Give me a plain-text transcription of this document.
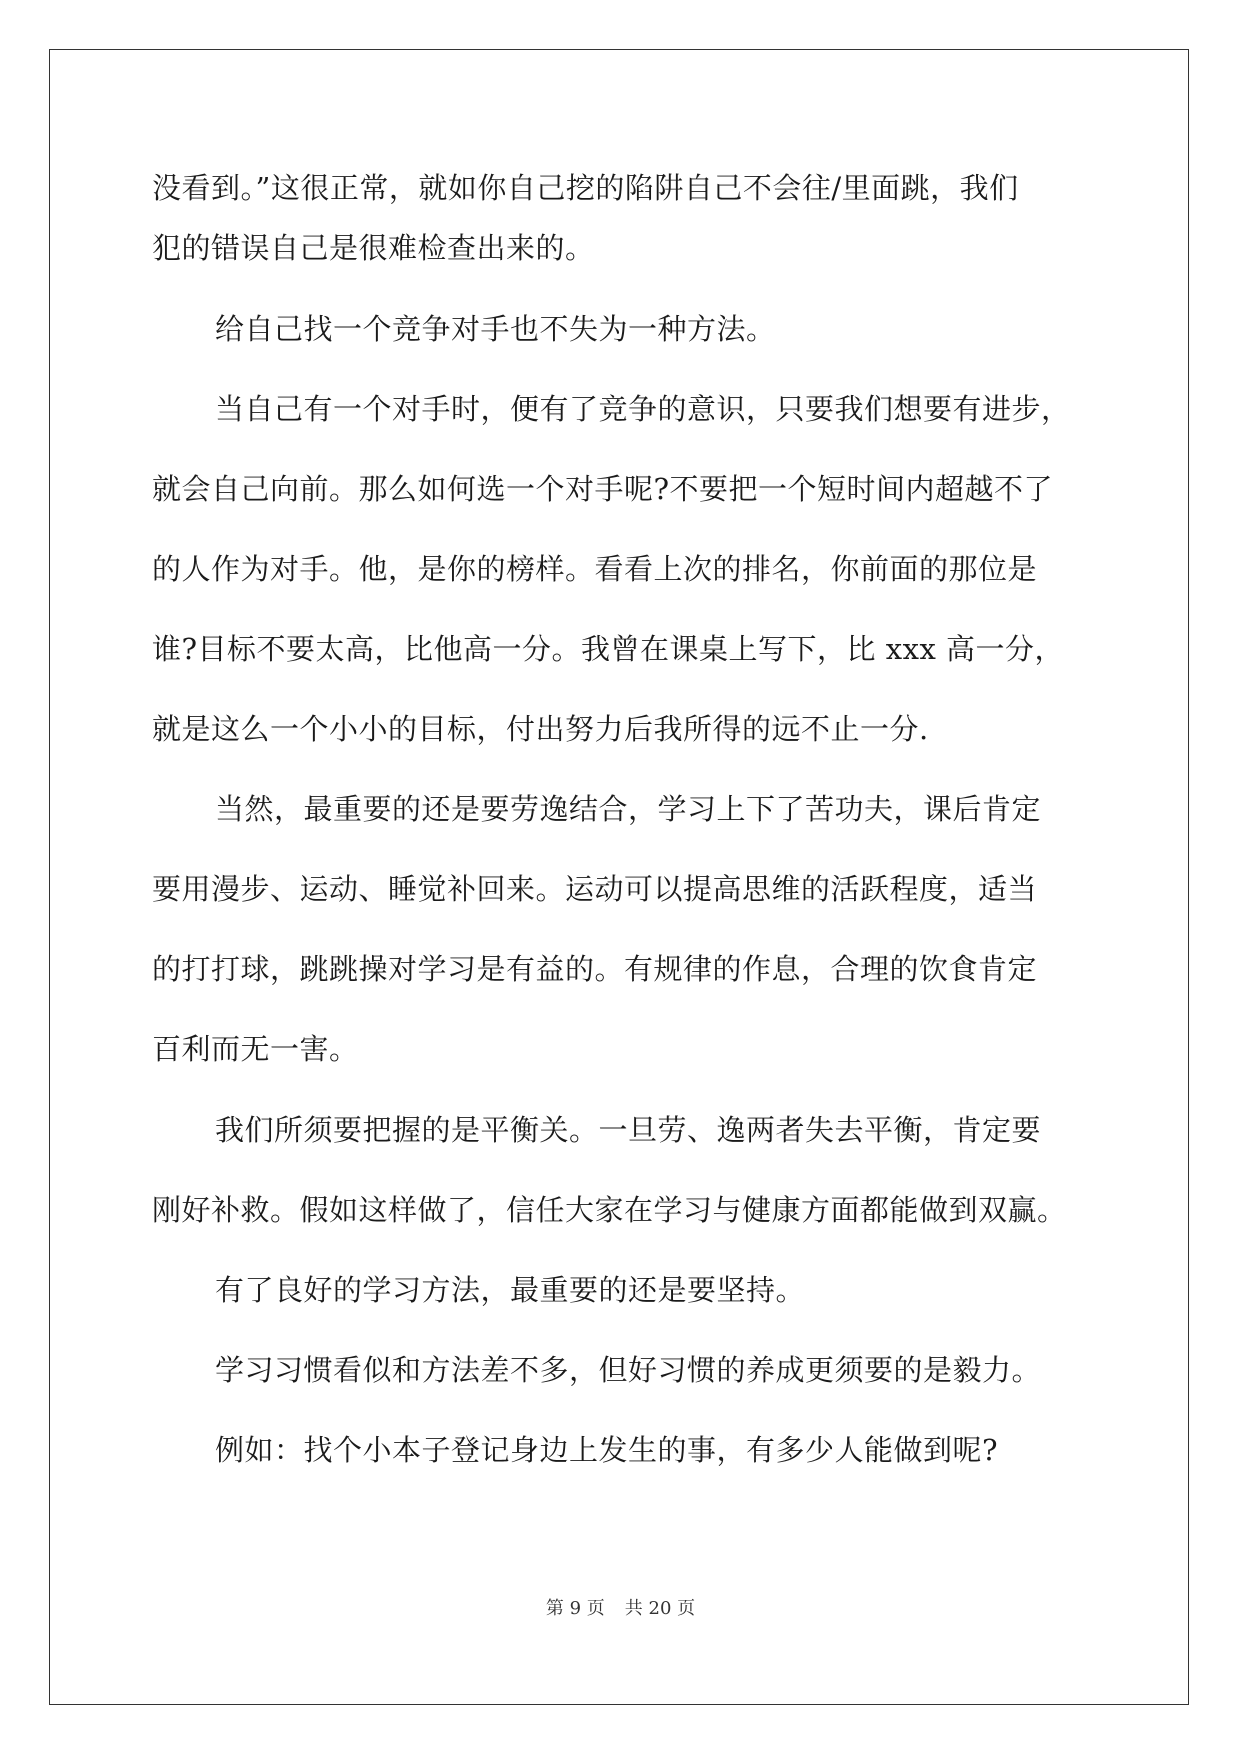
没看到。”这很正常，就如你自己挖的陷阱自己不会往/里面跳，我们
犯的错误自己是很难检查出来的。
给自己找一个竞争对手也不失为一种方法。
当自己有一个对手时，便有了竞争的意识，只要我们想要有进步，
就会自己向前。那么如何选一个对手呢?不要把一个短时间内超越不了
的人作为对手。他，是你的榜样。看看上次的排名，你前面的那位是
谁?目标不要太高，比他高一分。我曾在课桌上写下，比 xxx 高一分，
就是这么一个小小的目标，付出努力后我所得的远不止一分.
当然，最重要的还是要劳逸结合，学习上下了苦功夫，课后肯定
要用漫步、运动、睡觉补回来。运动可以提高思维的活跃程度，适当
的打打球，跳跳操对学习是有益的。有规律的作息，合理的饮食肯定
百利而无一害。
我们所须要把握的是平衡关。一旦劳、逸两者失去平衡，肯定要
刚好补救。假如这样做了，信任大家在学习与健康方面都能做到双赢。
有了良好的学习方法，最重要的还是要坚持。
学习习惯看似和方法差不多，但好习惯的养成更须要的是毅力。
例如：找个小本子登记身边上发生的事，有多少人能做到呢?
第 9 页 共 20 页
